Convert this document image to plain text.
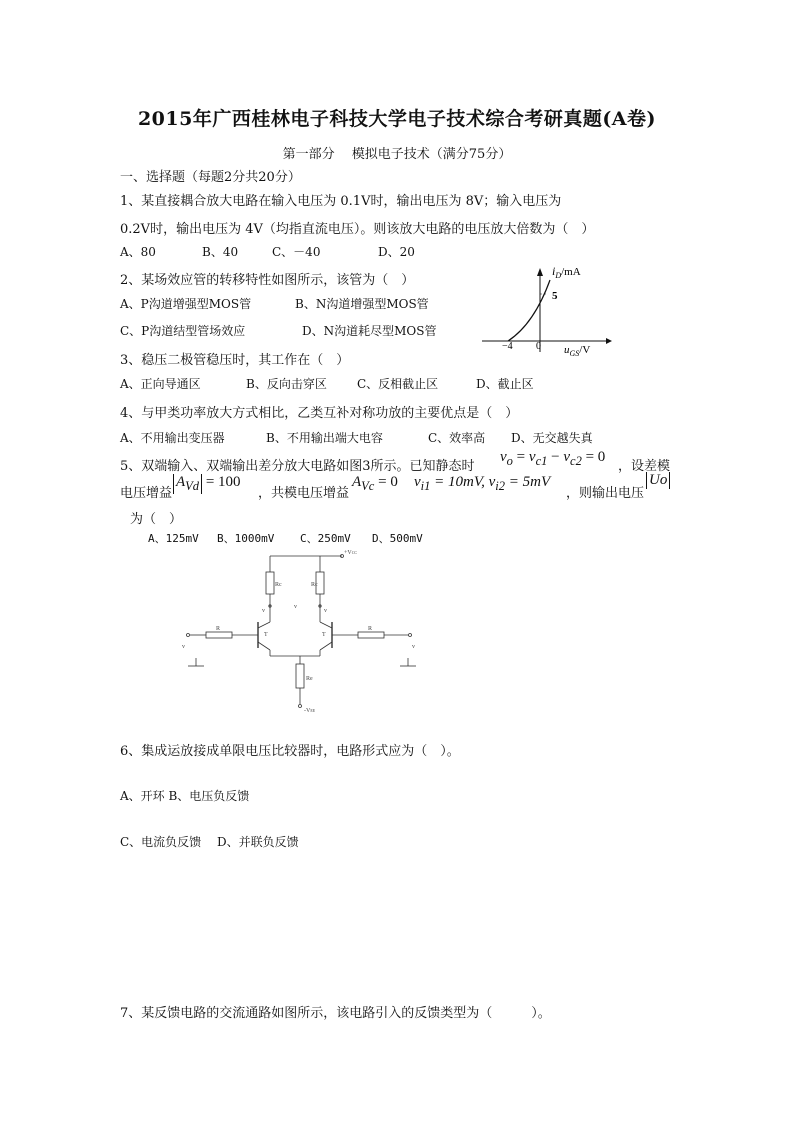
2015年广西桂林电子科技大学电子技术综合考研真题(A卷)
第一部分　 模拟电子技术（满分75分）
一、选择题（每题2分共20分）
1、某直接耦合放大电路在输入电压为 0.1V时，输出电压为 8V；输入电压为
0.2V时，输出电压为 4V（均指直流电压）。则该放大电路的电压放大倍数为（　）
A、80	B、40	C、－40	D、20
2、某场效应管的转移特性如图所示，该管为（　）
A、P沟道增强型MOS管	B、N沟道增强型MOS管
C、P沟道结型管场效应	D、N沟道耗尽型MOS管
$i_D/mA$
5
−4 0 $u_{GS}/V$
3、稳压二极管稳压时，其工作在（　）
A、正向导通区	B、反向击穿区	C、反相截止区	D、截止区
4、与甲类功率放大方式相比，乙类互补对称功放的主要优点是（　）
A、不用输出变压器	B、不用输出端大电容	C、效率高 D、无交越失真
5、双端输入、双端输出差分放大电路如图3所示。已知静态时
$v_o = v_{c1} - v_{c2} = 0$
，设差模
电压增益
$A_{Vd} = 100$
，共模电压增益
$A_{Vc} = 0$ $v_{i1} = 10mV$, $v_{i2} = 5mV$
，则输出电压
Uo
为（　）
A、125mV B、1000mV C、250mV D、500mV
+VCC
Rc	Rc
v
v
v
T	T
R	R
Re
-VEE
v	v
6、集成运放接成单限电压比较器时，电路形式应为（　）。
A、开环 B、电压负反馈
C、电流负反馈　 D、并联负反馈
7、某反馈电路的交流通路如图所示，该电路引入的反馈类型为（　　　）。
